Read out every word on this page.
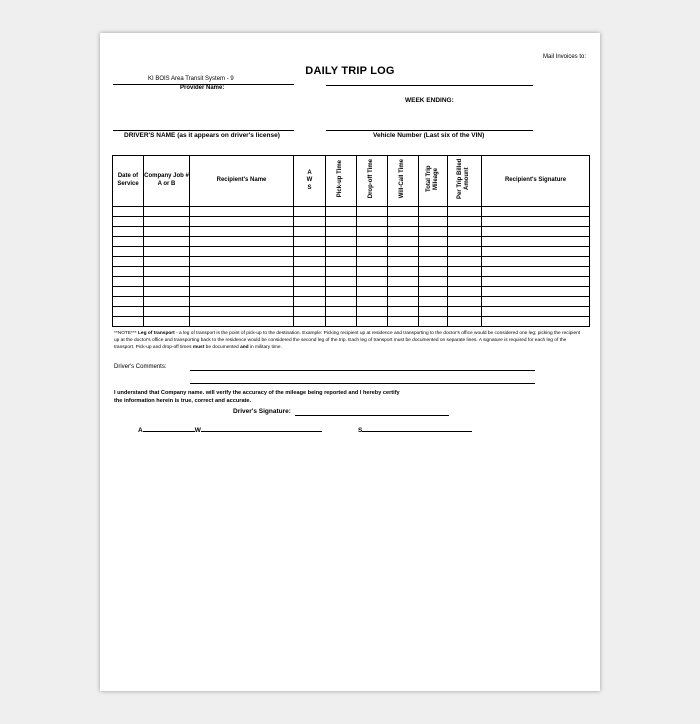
Mail Invoices to:
DAILY TRIP LOG
KI BOIS Area Transit System - 9
Provider Name:
WEEK ENDING:
DRIVER'S NAME (as it appears on driver's license)	Vehicle Number (Last six of the VIN)
Date of Service	Company Job # A or B	Recipient's Name	A W S	Pick-up Time	Drop-off Time	Will-Call Time	Total Trip Mileage	Per Trip Billed Amount	Recipient's Signature

**NOTE*** Leg of transport - a leg of transport is the point of pick-up to the destination. Example: Picking recipient up at residence and transporting to the doctor's office would be considered one leg; picking the recipient up at the doctor's office and transporting back to the residence would be considered the second leg of the trip. Each leg of transport must be documented on separate lines. A signature is required for each leg of the transport. Pick-up and drop-off times must be documented and in military time.
Driver's Comments:
I understand that Company name. will verify the accuracy of the mileage being reported and I hereby certify
the information herein is true, correct and accurate.
Driver's Signature:
A	W	S
